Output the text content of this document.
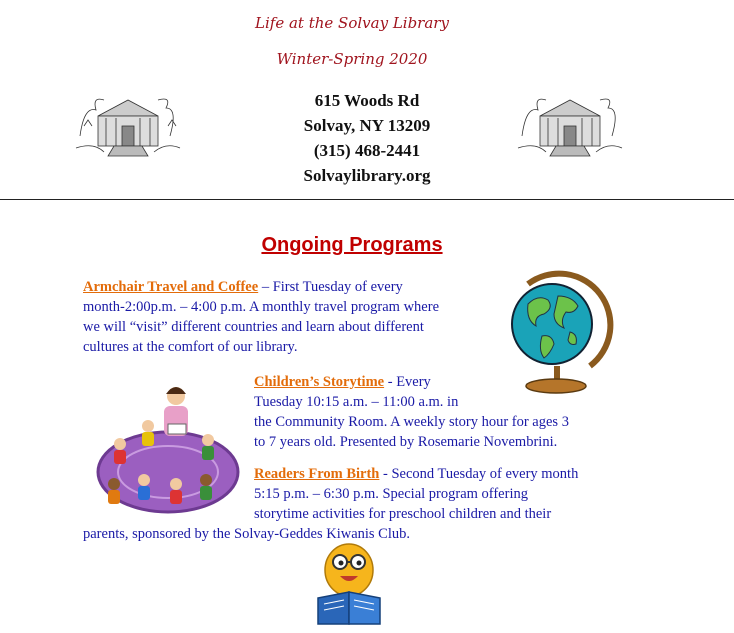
Life at the Solvay Library
Winter-Spring 2020
615 Woods Rd
Solvay, NY 13209
(315) 468-2441
Solvaylibrary.org
Ongoing Programs
Armchair Travel and Coffee – First Tuesday of every
month-2:00p.m. – 4:00 p.m. A monthly travel program where
we will “visit” different countries and learn about different
cultures at the comfort of our library.
Children’s Storytime - Every
Tuesday 10:15 a.m. – 11:00 a.m. in
the Community Room. A weekly story hour for ages 3
to 7 years old. Presented by Rosemarie Novembrini.
Readers From Birth - Second Tuesday of every month
5:15 p.m. – 6:30 p.m. Special program offering
storytime activities for preschool children and their
parents, sponsored by the Solvay-Geddes Kiwanis Club.
